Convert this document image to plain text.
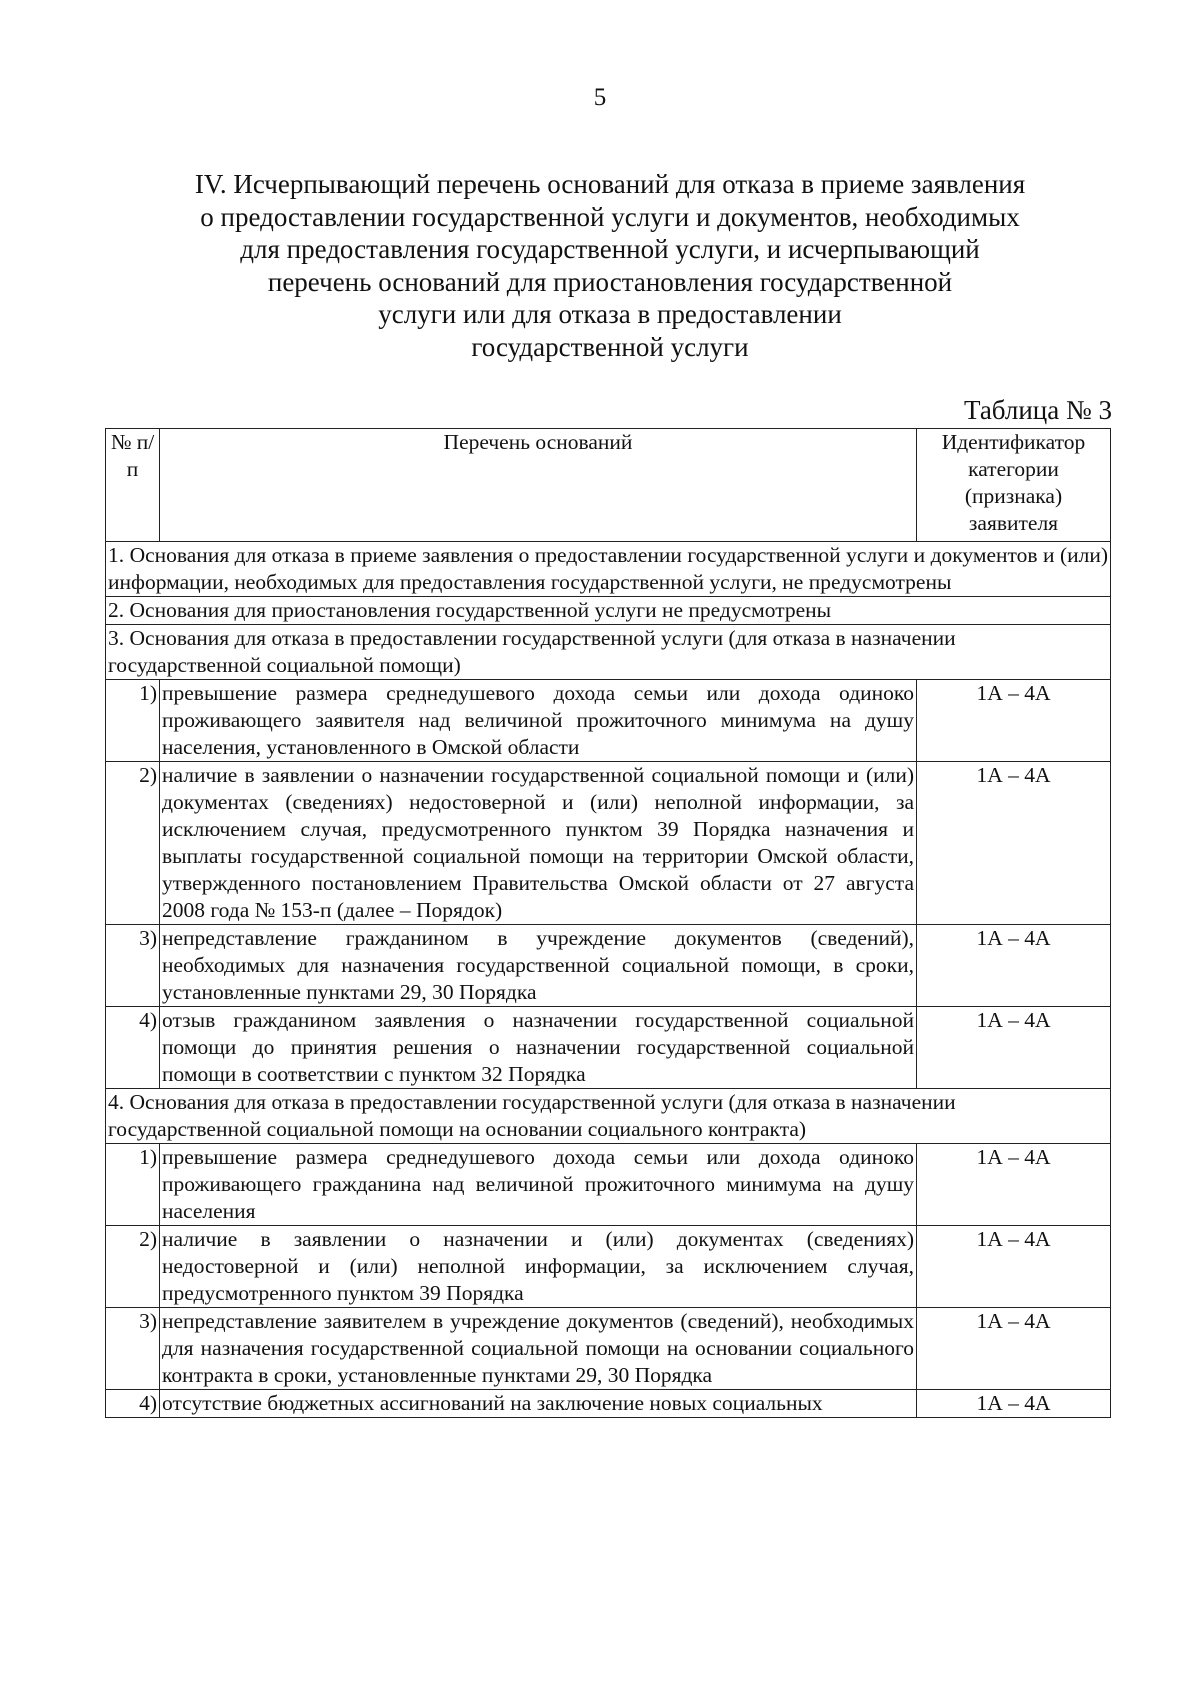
5
IV. Исчерпывающий перечень оснований для отказа в приеме заявления
о предоставлении государственной услуги и документов, необходимых
для предоставления государственной услуги, и исчерпывающий
перечень оснований для приостановления государственной
услуги или для отказа в предоставлении
государственной услуги
Таблица № 3
№ п/п	Перечень оснований	Идентификатор категории (признака) заявителя
1. Основания для отказа в приеме заявления о предоставлении государственной услуги и документов и (или) информации, необходимых для предоставления государственной услуги, не предусмотрены		
2. Основания для приостановления государственной услуги не предусмотрены		
3. Основания для отказа в предоставлении государственной услуги (для отказа в назначении государственной социальной помощи)		
1)	превышение размера среднедушевого дохода семьи или дохода одиноко проживающего заявителя над величиной прожиточного минимума на душу населения, установленного в Омской области	1А – 4А
2)	наличие в заявлении о назначении государственной социальной помощи и (или) документах (сведениях) недостоверной и (или) неполной информации, за исключением случая, предусмотренного пунктом 39 Порядка назначения и выплаты государственной социальной помощи на территории Омской области, утвержденного постановлением Правительства Омской области от 27 августа 2008 года № 153-п (далее – Порядок)	1А – 4А
3)	непредставление гражданином в учреждение документов (сведений), необходимых для назначения государственной социальной помощи, в сроки, установленные пунктами 29, 30 Порядка	1А – 4А
4)	отзыв гражданином заявления о назначении государственной социальной помощи до принятия решения о назначении государственной социальной помощи в соответствии с пунктом 32 Порядка	1А – 4А
4. Основания для отказа в предоставлении государственной услуги (для отказа в назначении государственной социальной помощи на основании социального контракта)		
1)	превышение размера среднедушевого дохода семьи или дохода одиноко проживающего гражданина над величиной прожиточного минимума на душу населения	1А – 4А
2)	наличие в заявлении о назначении и (или) документах (сведениях) недостоверной и (или) неполной информации, за исключением случая, предусмотренного пунктом 39 Порядка	1А – 4А
3)	непредставление заявителем в учреждение документов (сведений), необходимых для назначения государственной социальной помощи на основании социального контракта в сроки, установленные пунктами 29, 30 Порядка	1А – 4А
4)	отсутствие бюджетных ассигнований на заключение новых социальных	1А – 4А
